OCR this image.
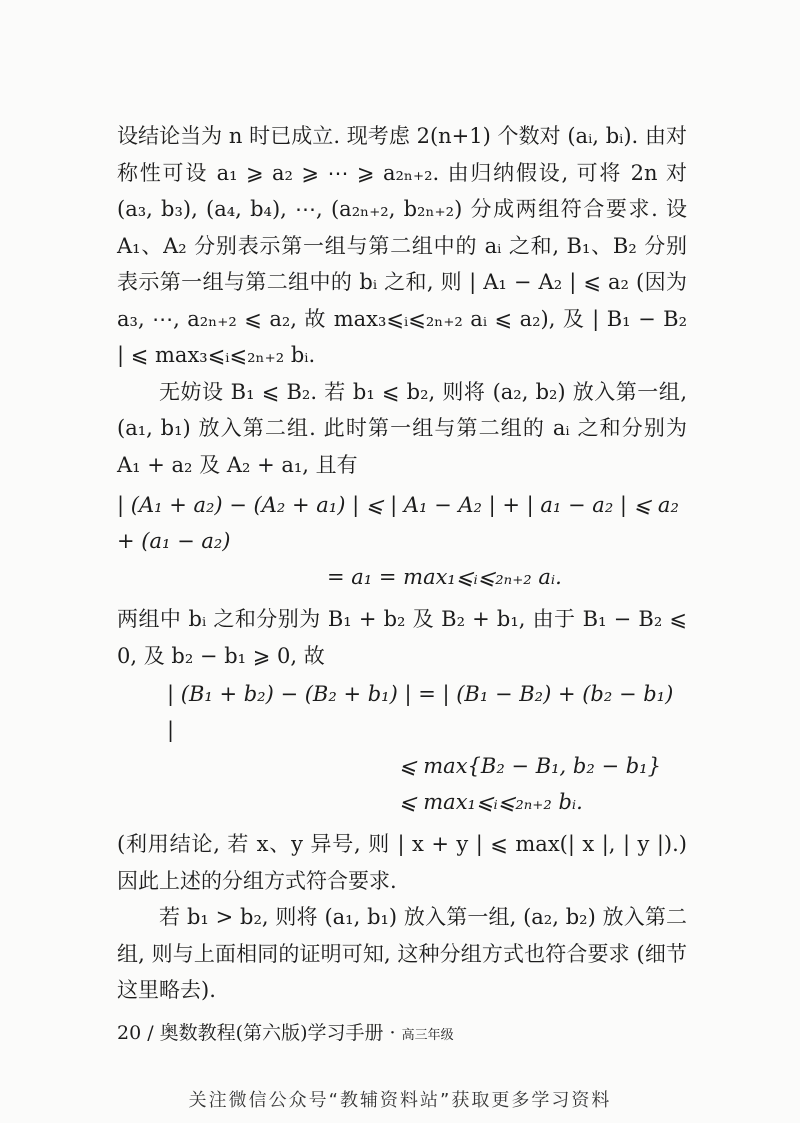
设结论当为 n 时已成立. 现考虑 2(n+1) 个数对 (aᵢ, bᵢ). 由对称性可设 a₁ ⩾ a₂ ⩾ ⋯ ⩾ a₂ₙ₊₂. 由归纳假设, 可将 2n 对 (a₃, b₃), (a₄, b₄), ⋯, (a₂ₙ₊₂, b₂ₙ₊₂) 分成两组符合要求. 设 A₁、A₂ 分别表示第一组与第二组中的 aᵢ 之和, B₁、B₂ 分别表示第一组与第二组中的 bᵢ 之和, 则 | A₁ − A₂ | ⩽ a₂ (因为 a₃, ⋯, a₂ₙ₊₂ ⩽ a₂, 故 max₃⩽ᵢ⩽₂ₙ₊₂ aᵢ ⩽ a₂), 及 | B₁ − B₂ | ⩽ max₃⩽ᵢ⩽₂ₙ₊₂ bᵢ.

无妨设 B₁ ⩽ B₂. 若 b₁ ⩽ b₂, 则将 (a₂, b₂) 放入第一组, (a₁, b₁) 放入第二组. 此时第一组与第二组的 aᵢ 之和分别为 A₁ + a₂ 及 A₂ + a₁, 且有

| (A₁ + a₂) − (A₂ + a₁) | ⩽ | A₁ − A₂ | + | a₁ − a₂ | ⩽ a₂ + (a₁ − a₂)

= a₁ = max₁⩽ᵢ⩽₂ₙ₊₂ aᵢ.

两组中 bᵢ 之和分别为 B₁ + b₂ 及 B₂ + b₁, 由于 B₁ − B₂ ⩽ 0, 及 b₂ − b₁ ⩾ 0, 故

| (B₁ + b₂) − (B₂ + b₁) | = | (B₁ − B₂) + (b₂ − b₁) |

⩽ max{B₂ − B₁, b₂ − b₁}

⩽ max₁⩽ᵢ⩽₂ₙ₊₂ bᵢ.

(利用结论, 若 x、y 异号, 则 | x + y | ⩽ max(| x |, | y |).) 因此上述的分组方式符合要求.

若 b₁ > b₂, 则将 (a₁, b₁) 放入第一组, (a₂, b₂) 放入第二组, 则与上面相同的证明可知, 这种分组方式也符合要求 (细节这里略去).

20 / 奥数教程(第六版)学习手册 · 高三年级
关注微信公众号“教辅资料站”获取更多学习资料
